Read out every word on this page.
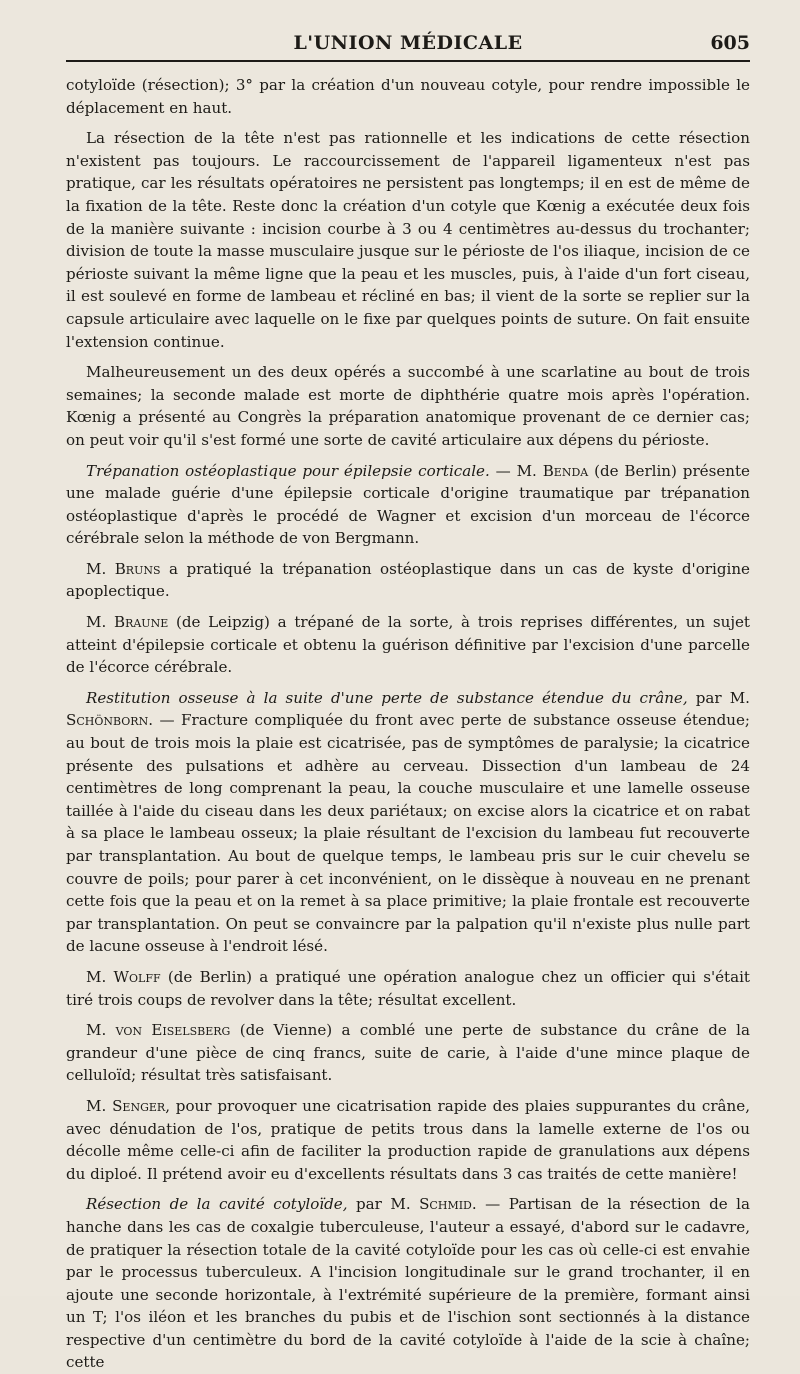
L'UNION MÉDICALE	605

cotyloïde (résection); 3° par la création d'un nouveau cotyle, pour rendre impossible le déplacement en haut.

La résection de la tête n'est pas rationnelle et les indications de cette résection n'existent pas toujours. Le raccourcissement de l'appareil ligamenteux n'est pas pratique, car les résultats opératoires ne persistent pas longtemps; il en est de même de la fixation de la tête. Reste donc la création d'un cotyle que Kœnig a exécutée deux fois de la manière suivante : incision courbe à 3 ou 4 centimètres au-dessus du trochanter; division de toute la masse musculaire jusque sur le périoste de l'os iliaque, incision de ce périoste suivant la même ligne que la peau et les muscles, puis, à l'aide d'un fort ciseau, il est soulevé en forme de lambeau et récliné en bas; il vient de la sorte se replier sur la capsule articulaire avec laquelle on le fixe par quelques points de suture. On fait ensuite l'extension continue.

Malheureusement un des deux opérés a succombé à une scarlatine au bout de trois semaines; la seconde malade est morte de diphthérie quatre mois après l'opération. Kœnig a présenté au Congrès la préparation anatomique provenant de ce dernier cas; on peut voir qu'il s'est formé une sorte de cavité articulaire aux dépens du périoste.

Trépanation ostéoplastique pour épilepsie corticale. — M. Benda (de Berlin) présente une malade guérie d'une épilepsie corticale d'origine traumatique par trépanation ostéoplastique d'après le procédé de Wagner et excision d'un morceau de l'écorce cérébrale selon la méthode de von Bergmann.

M. Bruns a pratiqué la trépanation ostéoplastique dans un cas de kyste d'origine apoplectique.

M. Braune (de Leipzig) a trépané de la sorte, à trois reprises différentes, un sujet atteint d'épilepsie corticale et obtenu la guérison définitive par l'excision d'une parcelle de l'écorce cérébrale.

Restitution osseuse à la suite d'une perte de substance étendue du crâne, par M. Schönborn. — Fracture compliquée du front avec perte de substance osseuse étendue; au bout de trois mois la plaie est cicatrisée, pas de symptômes de paralysie; la cicatrice présente des pulsations et adhère au cerveau. Dissection d'un lambeau de 24 centimètres de long comprenant la peau, la couche musculaire et une lamelle osseuse taillée à l'aide du ciseau dans les deux pariétaux; on excise alors la cicatrice et on rabat à sa place le lambeau osseux; la plaie résultant de l'excision du lambeau fut recouverte par transplantation. Au bout de quelque temps, le lambeau pris sur le cuir chevelu se couvre de poils; pour parer à cet inconvénient, on le dissèque à nouveau en ne prenant cette fois que la peau et on la remet à sa place primitive; la plaie frontale est recouverte par transplantation. On peut se convaincre par la palpation qu'il n'existe plus nulle part de lacune osseuse à l'endroit lésé.

M. Wolff (de Berlin) a pratiqué une opération analogue chez un officier qui s'était tiré trois coups de revolver dans la tête; résultat excellent.

M. von Eiselsberg (de Vienne) a comblé une perte de substance du crâne de la grandeur d'une pièce de cinq francs, suite de carie, à l'aide d'une mince plaque de celluloïd; résultat très satisfaisant.

M. Senger, pour provoquer une cicatrisation rapide des plaies suppurantes du crâne, avec dénudation de l'os, pratique de petits trous dans la lamelle externe de l'os ou décolle même celle-ci afin de faciliter la production rapide de granulations aux dépens du diploé. Il prétend avoir eu d'excellents résultats dans 3 cas traités de cette manière!

Résection de la cavité cotyloïde, par M. Schmid. — Partisan de la résection de la hanche dans les cas de coxalgie tuberculeuse, l'auteur a essayé, d'abord sur le cadavre, de pratiquer la résection totale de la cavité cotyloïde pour les cas où celle-ci est envahie par le processus tuberculeux. A l'incision longitudinale sur le grand trochanter, il en ajoute une seconde horizontale, à l'extrémité supérieure de la première, formant ainsi un T; l'os iléon et les branches du pubis et de l'ischion sont sectionnés à la distance respective d'un centimètre du bord de la cavité cotyloïde à l'aide de la scie à chaîne; cette
